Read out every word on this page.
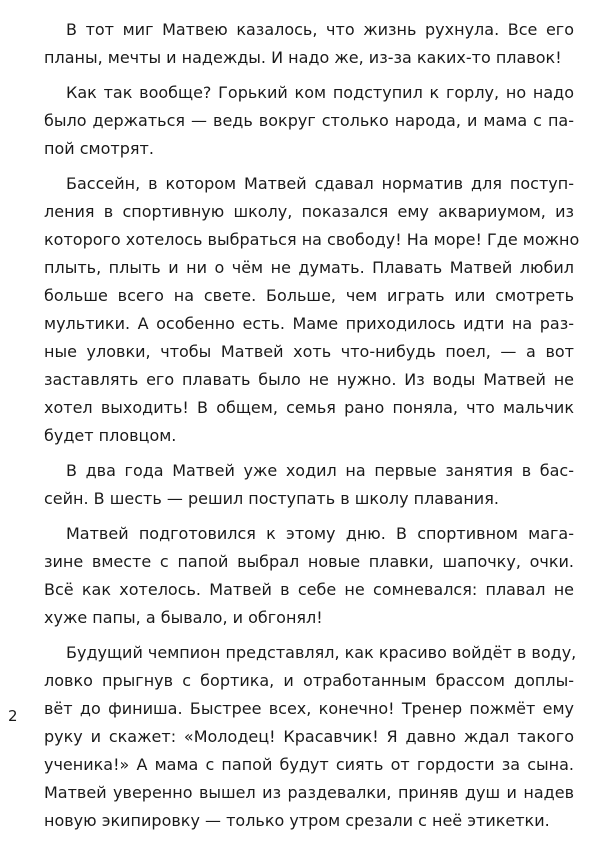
В тот миг Матвею казалось, что жизнь рухнула. Все его
планы, мечты и надежды. И надо же, из-за каких-то плавок!
Как так вообще? Горький ком подступил к горлу, но надо
было держаться — ведь вокруг столько народа, и мама с па-
пой смотрят.
Бассейн, в котором Матвей сдавал норматив для поступ-
ления в спортивную школу, показался ему аквариумом, из
которого хотелось выбраться на свободу! На море! Где можно
плыть, плыть и ни о чём не думать. Плавать Матвей любил
больше всего на свете. Больше, чем играть или смотреть
мультики. А особенно есть. Маме приходилось идти на раз-
ные уловки, чтобы Матвей хоть что-нибудь поел, — а вот
заставлять его плавать было не нужно. Из воды Матвей не
хотел выходить! В общем, семья рано поняла, что мальчик
будет пловцом.
В два года Матвей уже ходил на первые занятия в бас-
сейн. В шесть — решил поступать в школу плавания.
Матвей подготовился к этому дню. В спортивном мага-
зине вместе с папой выбрал новые плавки, шапочку, очки.
Всё как хотелось. Матвей в себе не сомневался: плавал не
хуже папы, а бывало, и обгонял!
Будущий чемпион представлял, как красиво войдёт в воду,
ловко прыгнув с бортика, и отработанным брассом доплы-
вёт до финиша. Быстрее всех, конечно! Тренер пожмёт ему
руку и скажет: «Молодец! Красавчик! Я давно ждал такого
ученика!» А мама с папой будут сиять от гордости за сына.
Матвей уверенно вышел из раздевалки, приняв душ и надев
новую экипировку — только утром срезали с неё этикетки.
2
